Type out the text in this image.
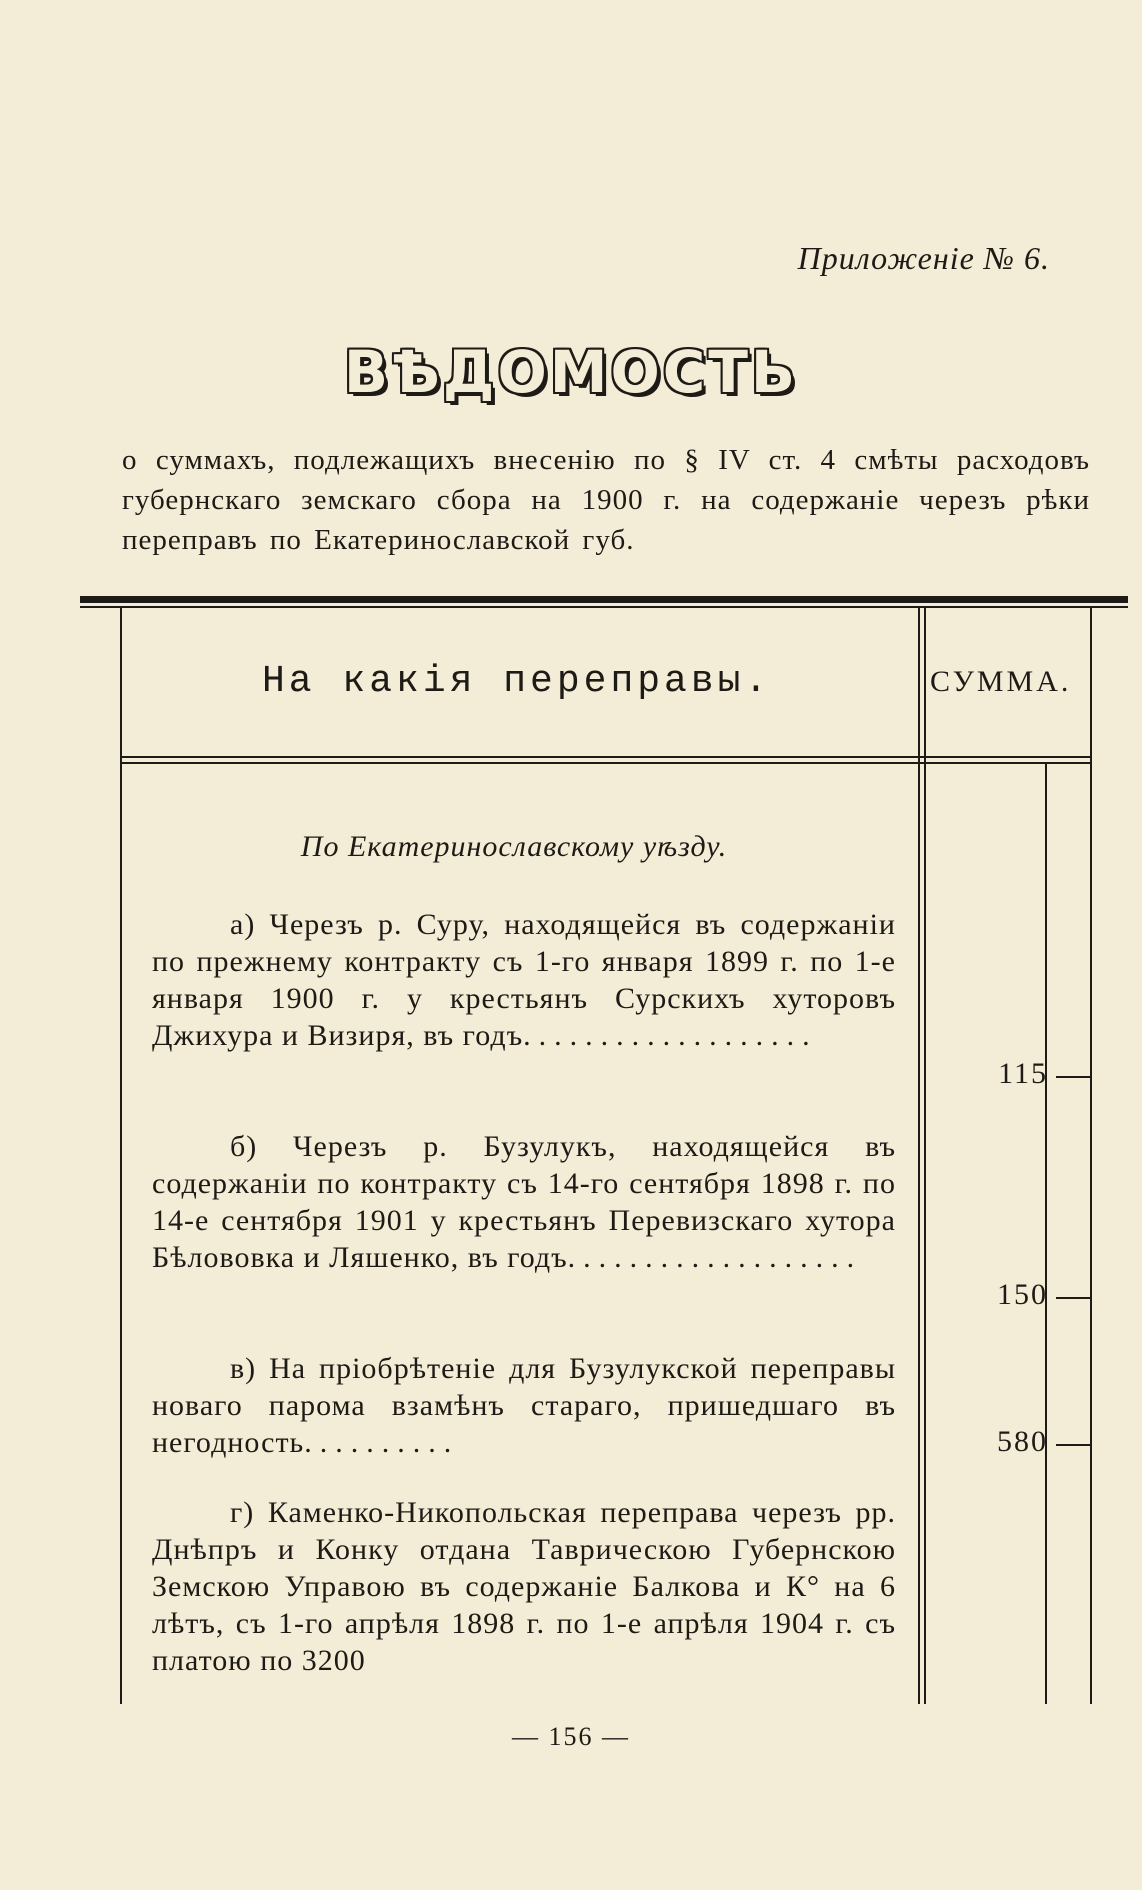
Приложеніе № 6.
ВѢДОМОСТЬ
о суммахъ, подлежащихъ внесенію по § IV ст. 4 смѣты расходовъ губернскаго земскаго сбора на 1900 г. на содержаніе черезъ рѣки переправъ по Екатеринославской губ.
На какія переправы.	СУММА.
По Екатеринославскому уѣзду.
а) Черезъ р. Суру, находящейся въ содержаніи по прежнему контракту съ 1-го января 1899 г. по 1-е января 1900 г. у крестьянъ Сурскихъ хуторовъ Джихура и Визиря, въ годъ...................
115
б) Черезъ р. Бузулукъ, находящейся въ содержаніи по контракту съ 14-го сентября 1898 г. по 14-е сентября 1901 у крестьянъ Перевизскаго хутора Бѣлововка и Ляшенко, въ годъ...................
150
в) На пріобрѣтеніе для Бузулукской переправы новаго парома взамѣнъ стараго, пришедшаго въ негодность..........	580
г) Каменко-Никопольская переправа черезъ рр. Днѣпръ и Конку отдана Таврическою Губернскою Земскою Управою въ содержаніе Балкова и К° на 6 лѣтъ, съ 1-го апрѣля 1898 г. по 1-е апрѣля 1904 г. съ платою по 3200
— 156 —
